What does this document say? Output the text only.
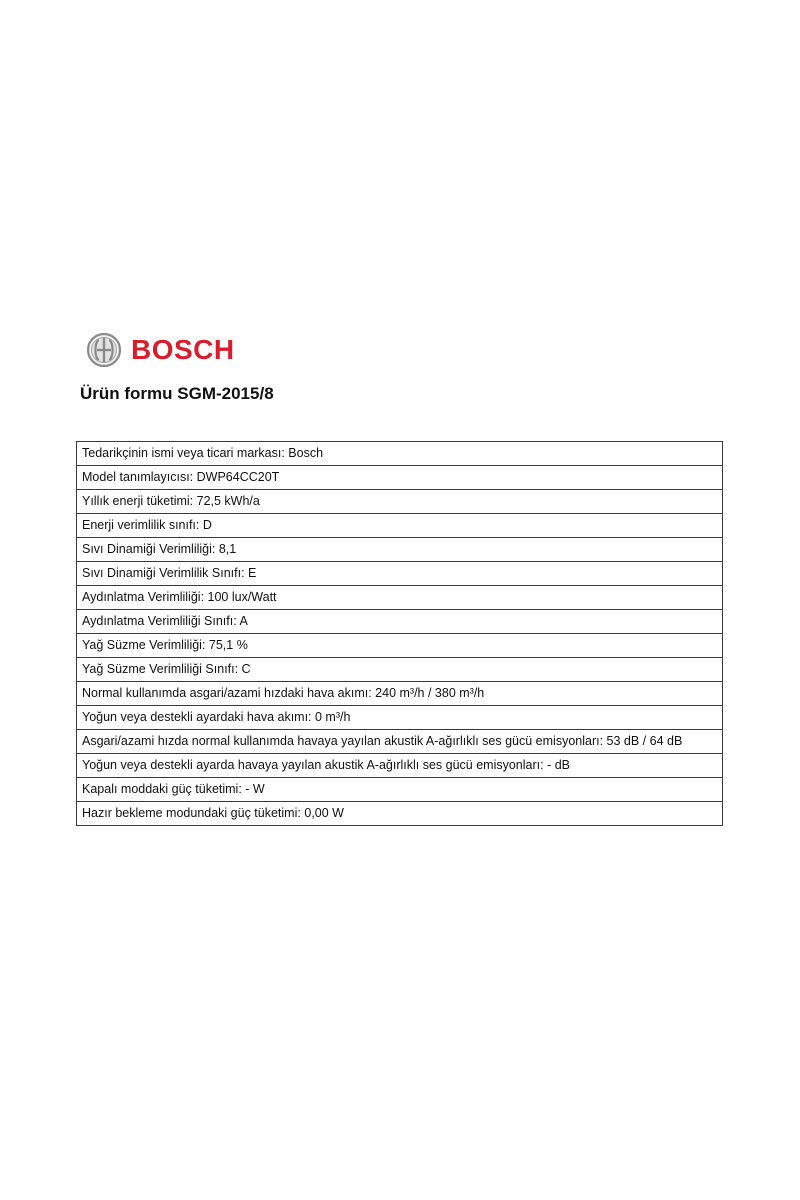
BOSCH
Ürün formu SGM-2015/8
Tedarikçinin ismi veya ticari markası: Bosch
Model tanımlayıcısı: DWP64CC20T
Yıllık enerji tüketimi: 72,5 kWh/a
Enerji verimlilik sınıfı: D
Sıvı Dinamiği Verimliliği: 8,1
Sıvı Dinamiği Verimlilik Sınıfı: E
Aydınlatma Verimliliği: 100 lux/Watt
Aydınlatma Verimliliği Sınıfı: A
Yağ Süzme Verimliliği: 75,1 %
Yağ Süzme Verimliliği Sınıfı: C
Normal kullanımda asgari/azami hızdaki hava akımı: 240 m³/h / 380 m³/h
Yoğun veya destekli ayardaki hava akımı: 0 m³/h
Asgari/azami hızda normal kullanımda havaya yayılan akustik A-ağırlıklı ses gücü emisyonları: 53 dB / 64 dB
Yoğun veya destekli ayarda havaya yayılan akustik A-ağırlıklı ses gücü emisyonları: - dB
Kapalı moddaki güç tüketimi: - W
Hazır bekleme modundaki güç tüketimi: 0,00 W
